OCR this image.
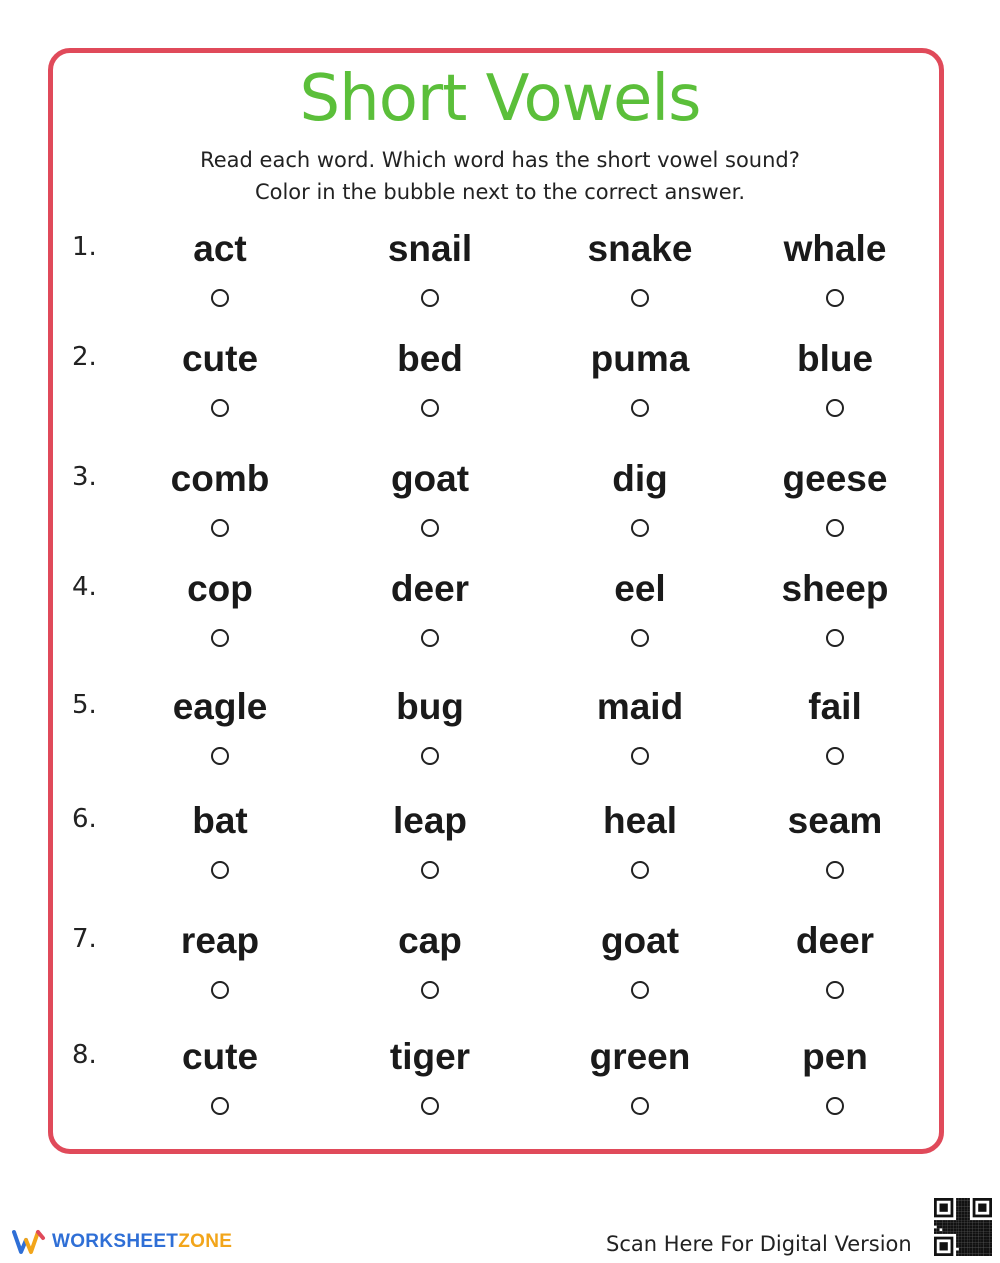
Short Vowels
Read each word. Which word has the short vowel sound?
Color in the bubble next to the correct answer.
1.	act	snail	snake	whale
2.	cute	bed	puma	blue
3.	comb	goat	dig	geese
4.	cop	deer	eel	sheep
5.	eagle	bug	maid	fail
6.	bat	leap	heal	seam
7.	reap	cap	goat	deer
8.	cute	tiger	green	pen
WORKSHEETZONE	Scan Here For Digital Version
